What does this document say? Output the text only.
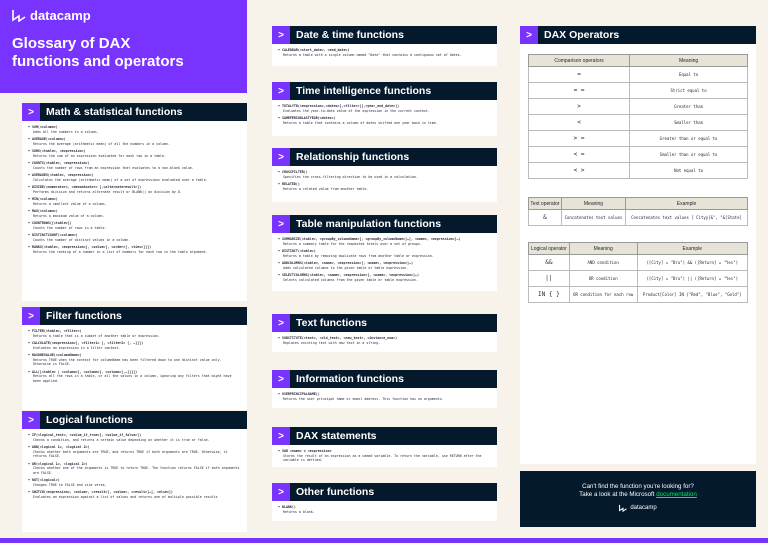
datacamp
Glossary of DAX
functions and operators
>	Math & statistical functions
• SUM(<column>)
Adds all the numbers in a column.
• AVERAGE(<column>)
Returns the average (arithmetic mean) of all the numbers in a column.
• SUMX(<table>, <expression>)
Returns the sum of an expression evaluated for each row in a table.
• COUNTX(<table>, <expression>)
Counts the number of rows from an expression that evaluates to a non-blank value.
• AVERAGEX(<table>, <expression>)
Calculates the average (arithmetic mean) of a set of expressions evaluated over a table.
• DIVIDE(<numerator>, <denominator> [,<alternateresult>])
Performs division and returns alternate result or BLANK() on division by 0.
• MIN(<column>)
Returns a smallest value of a column.
• MAX(<column>)
Returns a maximum value of a column.
• COUNTROWS([<table>])
Counts the number of rows in a table.
• DISTINCTCOUNT(<column>)
Counts the number of distinct values in a column.
• RANKX(<table>, <expression>[, <value>[, <order>[, <ties>]]])
Returns the ranking of a number in a list of numbers for each row in the table argument.
>	Filter functions
• FILTER(<table>, <filter>)
Returns a table that is a subset of another table or expression.
• CALCULATE(<expression>[, <filter1> [, <filter2> [, …]]])
Evaluates an expression in a filter context.
• HASONEVALUE(<columnName>)
Returns TRUE when the context for columnName has been filtered down to one distinct value only. Otherwise is FALSE.
• ALL([<table> | <column>[, <column>[, <column>[,…]]]])
Returns all the rows in a table, or all the values in a column, ignoring any filters that might have been applied.
>	Logical functions
• IF(<logical_test>, <value_if_true>[, <value_if_false>])
Checks a condition, and returns a certain value depending on whether it is true or false.
• AND(<logical 1>, <logical 2>)
Checks whether both arguments are TRUE, and returns TRUE if both arguments are TRUE. Otherwise, it returns FALSE.
• OR(<logical 1>, <logical 2>)
Checks whether one of the arguments is TRUE to return TRUE. The function returns FALSE if both arguments are FALSE.
• NOT(<logical>)
Changes TRUE to FALSE and vice versa.
• SWITCH(<expression>, <value>, <result>[, <value>, <result>]…[, <else>])
Evaluates an expression against a list of values and returns one of multiple possible results
>	Date & time functions
• CALENDAR(<start_date>, <end_date>)
Returns a table with a single column named "Date" that contains a contiguous set of dates.
>	Time intelligence functions
• TOTALYTD(<expression>,<dates>[,<filter>][,<year_end_date>])
Evaluates the year-to-date value of the expression in the current context.
• SAMEPERIODLASTYEAR(<dates>)
Returns a table that contains a column of dates shifted one year back in time.
>	Relationship functions
• CROSSFILTER()
Specifies the cross-filtering direction to be used in a calculation.
• RELATED()
Returns a related value from another table.
>	Table manipulation functions
• SUMMARIZE(<table>, <groupBy_columnName>[, <groupBy_columnName>]…[, <name>, <expression>]…)
Returns a summary table for the requested totals over a set of groups.
• DISTINCT(<table>)
Returns a table by removing duplicate rows from another table or expression.
• ADDCOLUMNS(<table>, <name>, <expression>[, <name>, <expression>]…)
Adds calculated columns to the given table or table expression.
• SELECTCOLUMNS(<table>, <name>, <expression>[, <name>, <expression>]…)
Selects calculated columns from the given table or table expression.
>	Text functions
• SUBSTITUTE(<text>, <old_text>, <new_text>, <instance_num>)
Replaces existing text with new text in a string.
>	Information functions
• USERPRINCIPALNAME()
Returns the user principal name or email address. This function has no arguments.
>	DAX statements
• VAR <name> = <expression>
Stores the result of an expression as a named variable. To return the variable, use RETURN after the variable is defined.
>	Other functions
• BLANK()
Returns a blank.
>	DAX Operators
Comparison operators	Meaning
=	Equal to
= =	Strict equal to
>	Greater than
<	Smaller than
> =	Greater than or equal to
< =	Smaller than or equal to
< >	Not equal to
Text operator	Meaning	Example
&	Concatenates text values	Concatenates text values [ Cityy]&", "&[State]
Logical operator	Meaning	Example
&&	AND condition	([City] = "Bru") && ([Return] = "Yes")
||	OR condition	([City] = "Bru") || ([Return] = "Yes")
IN { }	OR condition for each row	Product[Color] IN {"Red", "Blue", "Gold"}
Can't find the function you're looking for?
Take a look at the Microsoft documentation
datacamp
